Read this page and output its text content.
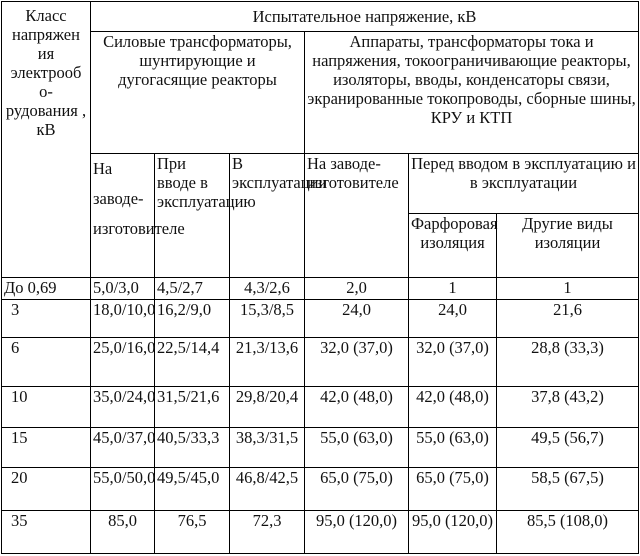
Класс напряжен ия электрооб о- рудования , кВ	Испытательное напряжение, кВ					
	Силовые трансформаторы, шунтирующие и дугогасящие реакторы			Аппараты, трансформаторы тока и напряжения, токоограничивающие реакторы, изоляторы, вводы, конденсаторы связи, экранированные токопроводы, сборные шины, КРУ и КТП		
	На заводе- изготовителе	При вводе в эксплуатацию	В эксплуатации	На заводе- изготовителе	Перед вводом в эксплуатацию и в эксплуатации	
					Фарфоровая изоляция	Другие виды изоляции
До 0,69	5,0/3,0	4,5/2,7	4,3/2,6	2,0	1	1
3	18,0/10,0	16,2/9,0	15,3/8,5	24,0	24,0	21,6
6	25,0/16,0	22,5/14,4	21,3/13,6	32,0 (37,0)	32,0 (37,0)	28,8 (33,3)
10	35,0/24,0	31,5/21,6	29,8/20,4	42,0 (48,0)	42,0 (48,0)	37,8 (43,2)
15	45,0/37,0	40,5/33,3	38,3/31,5	55,0 (63,0)	55,0 (63,0)	49,5 (56,7)
20	55,0/50,0	49,5/45,0	46,8/42,5	65,0 (75,0)	65,0 (75,0)	58,5 (67,5)
35	85,0	76,5	72,3	95,0 (120,0)	95,0 (120,0)	85,5 (108,0)
